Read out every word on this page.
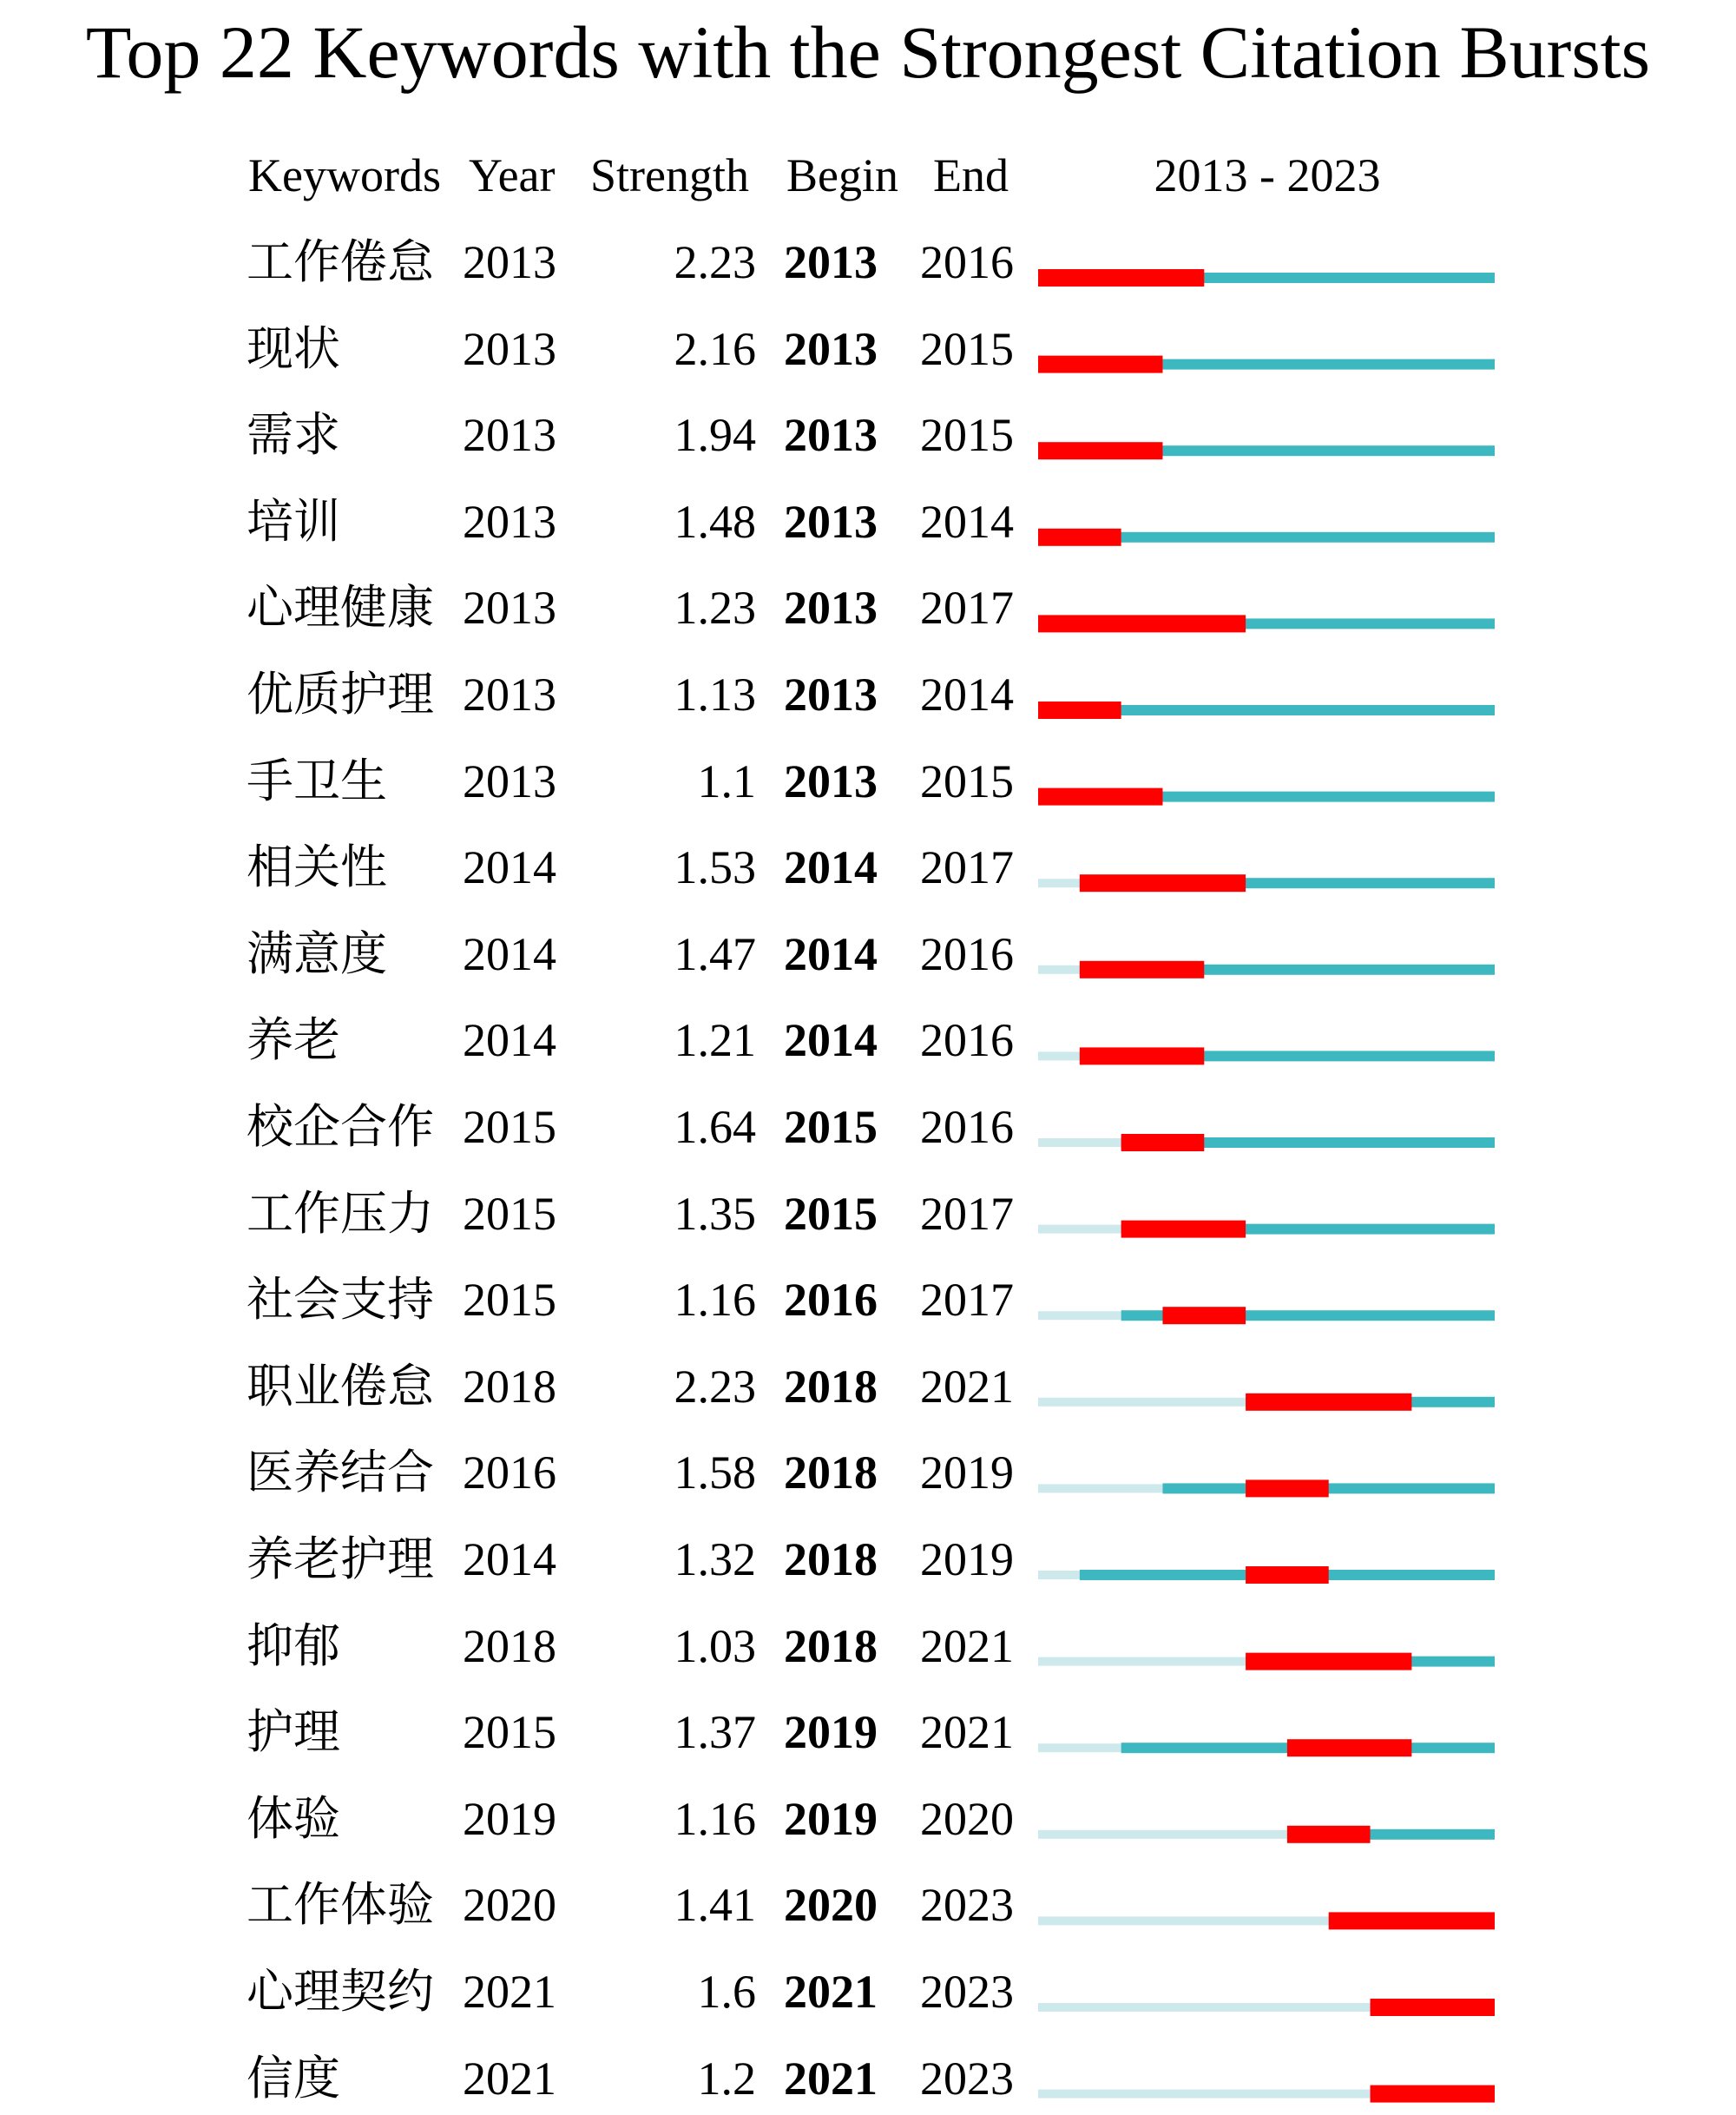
Top 22 Keywords with the Strongest Citation Bursts
Keywords Year Strength Begin End	2013 - 2023
工作倦怠 2013	2.23 2013 2016
现状	2013	2.16 2013 2015
需求	2013	1.94 2013 2015
培训	2013	1.48 2013 2014
心理健康 2013	1.23 2013 2017
优质护理 2013	1.13 2013 2014
手卫生 2013	1.1 2013 2015
相关性 2014	1.53 2014 2017
满意度 2014	1.47 2014 2016
养老	2014	1.21 2014 2016
校企合作 2015	1.64 2015 2016
工作压力 2015	1.35 2015 2017
社会支持 2015	1.16 2016 2017
职业倦怠 2018	2.23 2018 2021
医养结合 2016	1.58 2018 2019
养老护理 2014	1.32 2018 2019
抑郁	2018	1.03 2018 2021
护理	2015	1.37 2019 2021
体验	2019	1.16 2019 2020
工作体验 2020	1.41 2020 2023
心理契约 2021	1.6 2021 2023
信度	2021	1.2 2021 2023
